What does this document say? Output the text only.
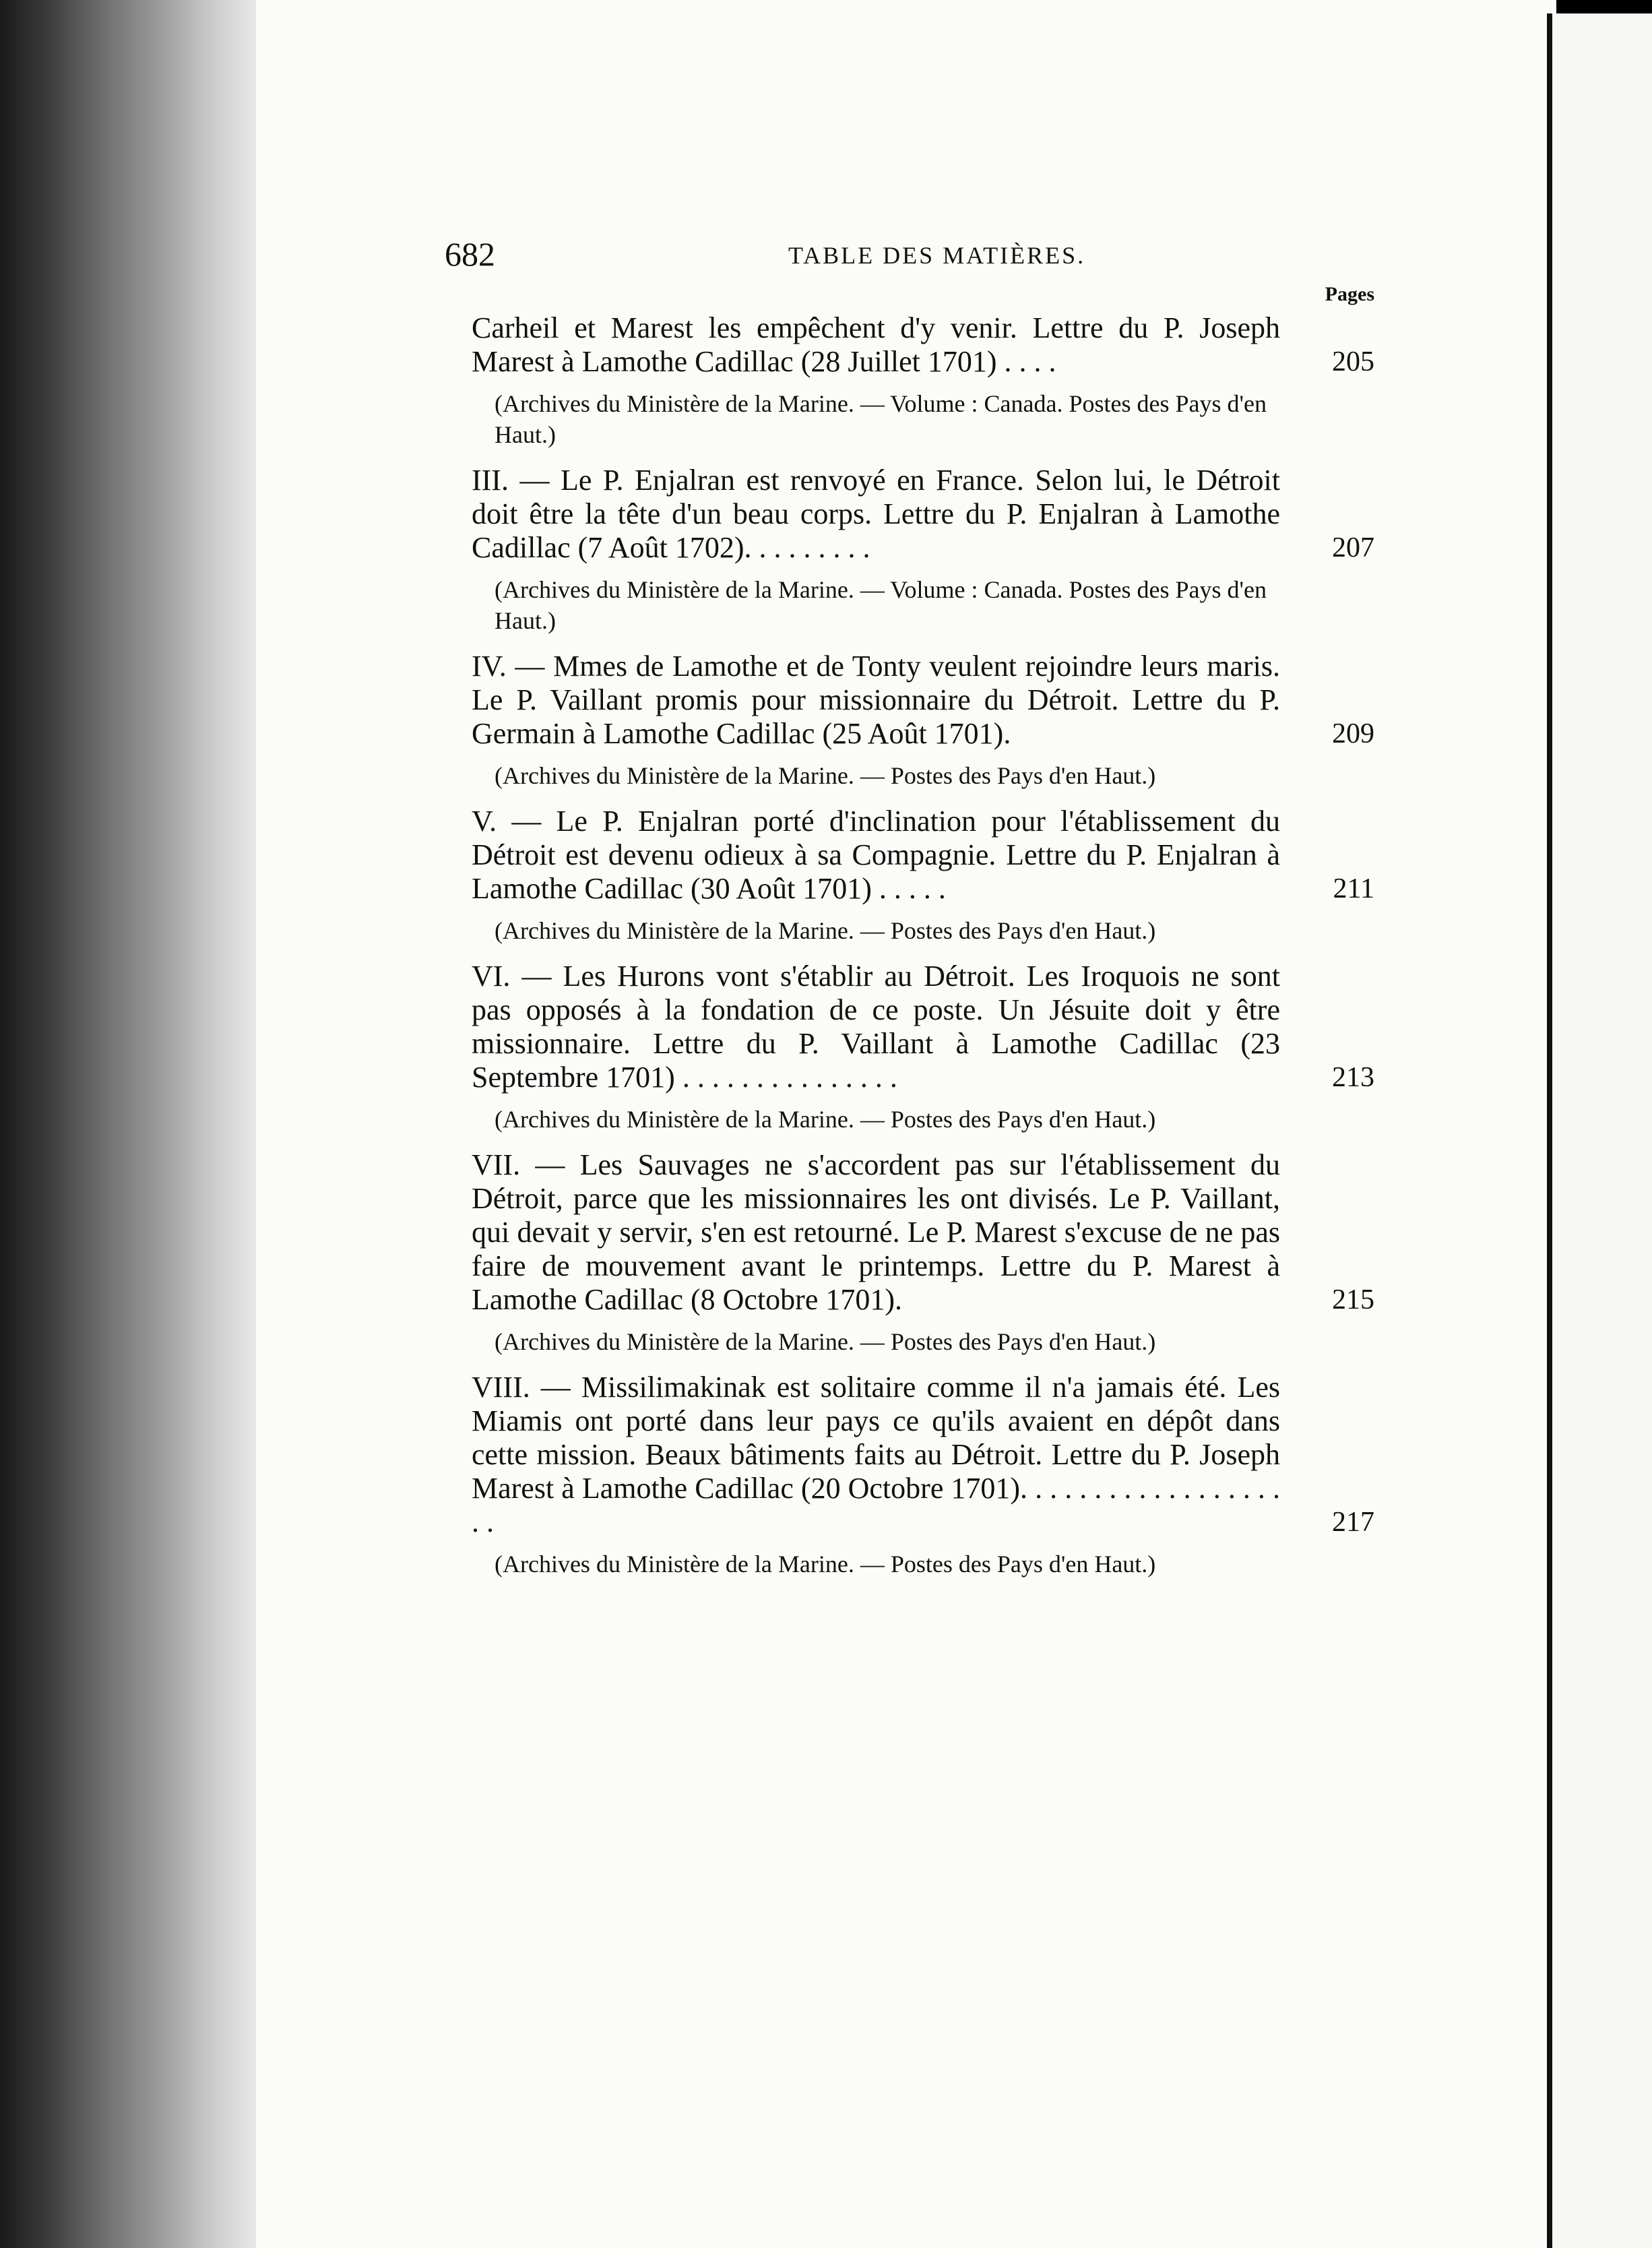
682	TABLE DES MATIÈRES.
Pages

Carheil et Marest les empêchent d'y venir. Lettre du P. Joseph Marest à Lamothe Cadillac (28 Juillet 1701) . . . .	205

(Archives du Ministère de la Marine. — Volume : Canada. Postes des Pays d'en Haut.)

III. — Le P. Enjalran est renvoyé en France. Selon lui, le Détroit doit être la tête d'un beau corps. Lettre du P. Enjalran à Lamothe Cadillac (7 Août 1702). . . . . . . . .	207

(Archives du Ministère de la Marine. — Volume : Canada. Postes des Pays d'en Haut.)

IV. — Mmes de Lamothe et de Tonty veulent rejoindre leurs maris. Le P. Vaillant promis pour missionnaire du Détroit. Lettre du P. Germain à Lamothe Cadillac (25 Août 1701).	209

(Archives du Ministère de la Marine. — Postes des Pays d'en Haut.)

V. — Le P. Enjalran porté d'inclination pour l'établissement du Détroit est devenu odieux à sa Compagnie. Lettre du P. Enjalran à Lamothe Cadillac (30 Août 1701) . . . . .	211

(Archives du Ministère de la Marine. — Postes des Pays d'en Haut.)

VI. — Les Hurons vont s'établir au Détroit. Les Iroquois ne sont pas opposés à la fondation de ce poste. Un Jésuite doit y être missionnaire. Lettre du P. Vaillant à Lamothe Cadillac (23 Septembre 1701) . . . . . . . . . . . . . . .	213

(Archives du Ministère de la Marine. — Postes des Pays d'en Haut.)

VII. — Les Sauvages ne s'accordent pas sur l'établissement du Détroit, parce que les missionnaires les ont divisés. Le P. Vaillant, qui devait y servir, s'en est retourné. Le P. Marest s'excuse de ne pas faire de mouvement avant le printemps. Lettre du P. Marest à Lamothe Cadillac (8 Octobre 1701).	215

(Archives du Ministère de la Marine. — Postes des Pays d'en Haut.)

VIII. — Missilimakinak est solitaire comme il n'a jamais été. Les Miamis ont porté dans leur pays ce qu'ils avaient en dépôt dans cette mission. Beaux bâtiments faits au Détroit. Lettre du P. Joseph Marest à Lamothe Cadillac (20 Octobre 1701). . . . . . . . . . . . . . . . . . . .	217

(Archives du Ministère de la Marine. — Postes des Pays d'en Haut.)
